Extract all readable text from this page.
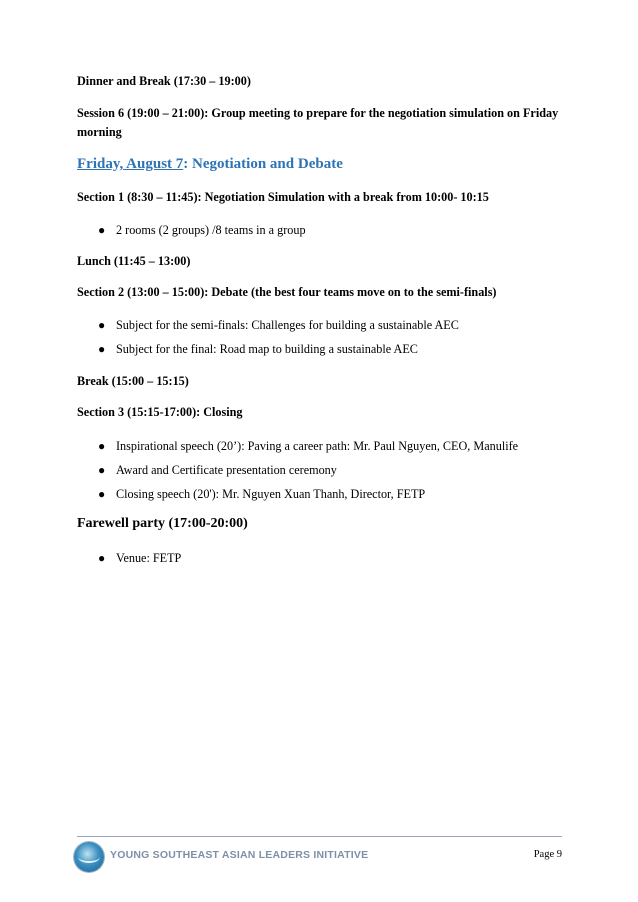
Dinner and Break (17:30 – 19:00)

Session 6 (19:00 – 21:00): Group meeting to prepare for the negotiation simulation on Friday morning

Friday, August 7: Negotiation and Debate

Section 1 (8:30 – 11:45): Negotiation Simulation with a break from 10:00- 10:15

● 2 rooms (2 groups) /8 teams in a group

Lunch (11:45 – 13:00)

Section 2 (13:00 – 15:00): Debate (the best four teams move on to the semi-finals)

● Subject for the semi-finals: Challenges for building a sustainable AEC
● Subject for the final: Road map to building a sustainable AEC

Break (15:00 – 15:15)

Section 3 (15:15-17:00): Closing

● Inspirational speech (20’): Paving a career path: Mr. Paul Nguyen, CEO, Manulife
● Award and Certificate presentation ceremony
● Closing speech (20'): Mr. Nguyen Xuan Thanh, Director, FETP

Farewell party (17:00-20:00)

● Venue: FETP
YOUNG SOUTHEAST ASIAN LEADERS INITIATIVE	Page 9
